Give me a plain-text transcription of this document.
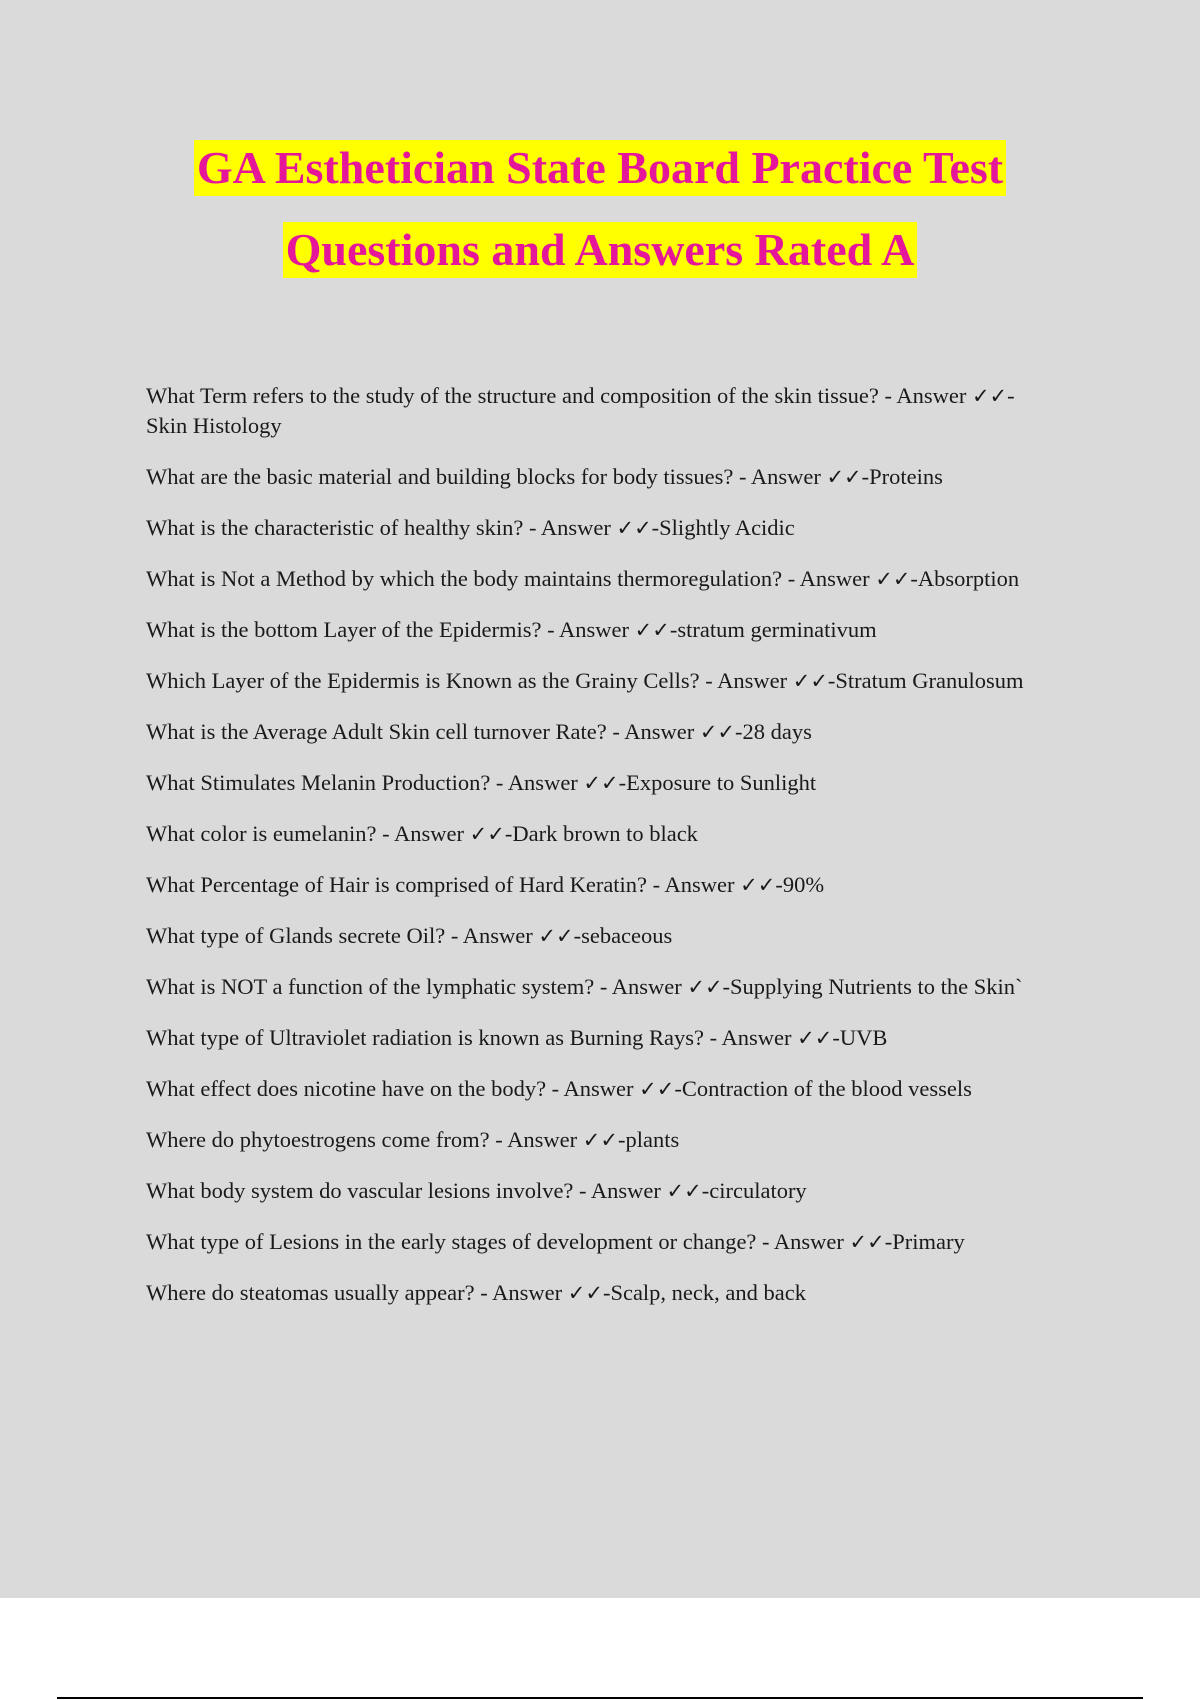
GA Esthetician State Board Practice Test
Questions and Answers Rated A
What Term refers to the study of the structure and composition of the skin tissue? - Answer ✓✓-Skin Histology
What are the basic material and building blocks for body tissues? - Answer ✓✓-Proteins
What is the characteristic of healthy skin? - Answer ✓✓-Slightly Acidic
What is Not a Method by which the body maintains thermoregulation? - Answer ✓✓-Absorption
What is the bottom Layer of the Epidermis? - Answer ✓✓-stratum germinativum
Which Layer of the Epidermis is Known as the Grainy Cells? - Answer ✓✓-Stratum Granulosum
What is the Average Adult Skin cell turnover Rate? - Answer ✓✓-28 days
What Stimulates Melanin Production? - Answer ✓✓-Exposure to Sunlight
What color is eumelanin? - Answer ✓✓-Dark brown to black
What Percentage of Hair is comprised of Hard Keratin? - Answer ✓✓-90%
What type of Glands secrete Oil? - Answer ✓✓-sebaceous
What is NOT a function of the lymphatic system? - Answer ✓✓-Supplying Nutrients to the Skin`
What type of Ultraviolet radiation is known as Burning Rays? - Answer ✓✓-UVB
What effect does nicotine have on the body? - Answer ✓✓-Contraction of the blood vessels
Where do phytoestrogens come from? - Answer ✓✓-plants
What body system do vascular lesions involve? - Answer ✓✓-circulatory
What type of Lesions in the early stages of development or change? - Answer ✓✓-Primary
Where do steatomas usually appear? - Answer ✓✓-Scalp, neck, and back
